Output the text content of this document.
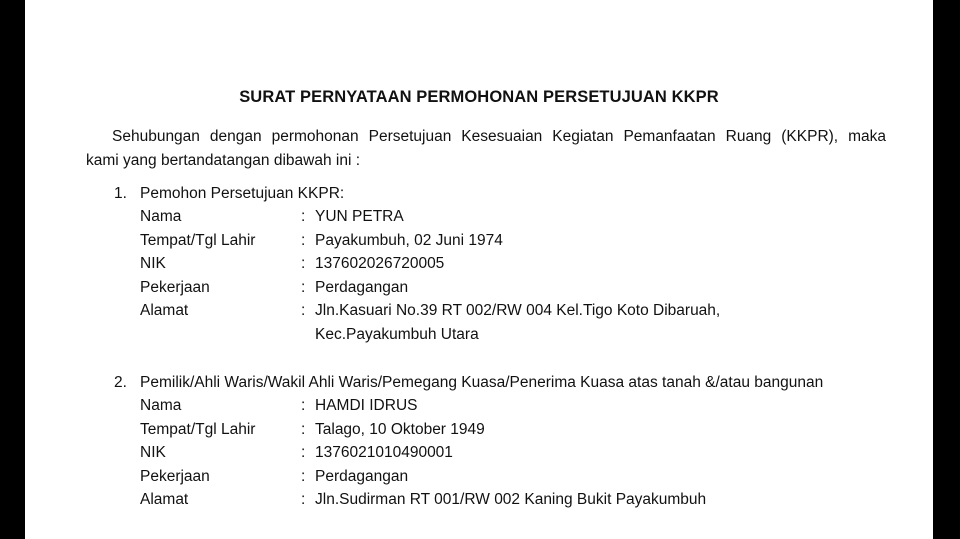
SURAT PERNYATAAN PERMOHONAN PERSETUJUAN KKPR

Sehubungan dengan permohonan Persetujuan Kesesuaian Kegiatan Pemanfaatan Ruang (KKPR), maka
kami yang bertandatangan dibawah ini :

1. Pemohon Persetujuan KKPR:
Nama	: YUN PETRA
Tempat/Tgl Lahir	: Payakumbuh, 02 Juni 1974
NIK	: 137602026720005
Pekerjaan	: Perdagangan
Alamat	: Jln.Kasuari No.39 RT 002/RW 004 Kel.Tigo Koto Dibaruah,
Kec.Payakumbuh Utara
2. Pemilik/Ahli Waris/Wakil Ahli Waris/Pemegang Kuasa/Penerima Kuasa atas tanah &/atau bangunan
Nama	: HAMDI IDRUS
Tempat/Tgl Lahir	: Talago, 10 Oktober 1949
NIK	: 1376021010490001
Pekerjaan	: Perdagangan
Alamat	: Jln.Sudirman RT 001/RW 002 Kaning Bukit Payakumbuh
